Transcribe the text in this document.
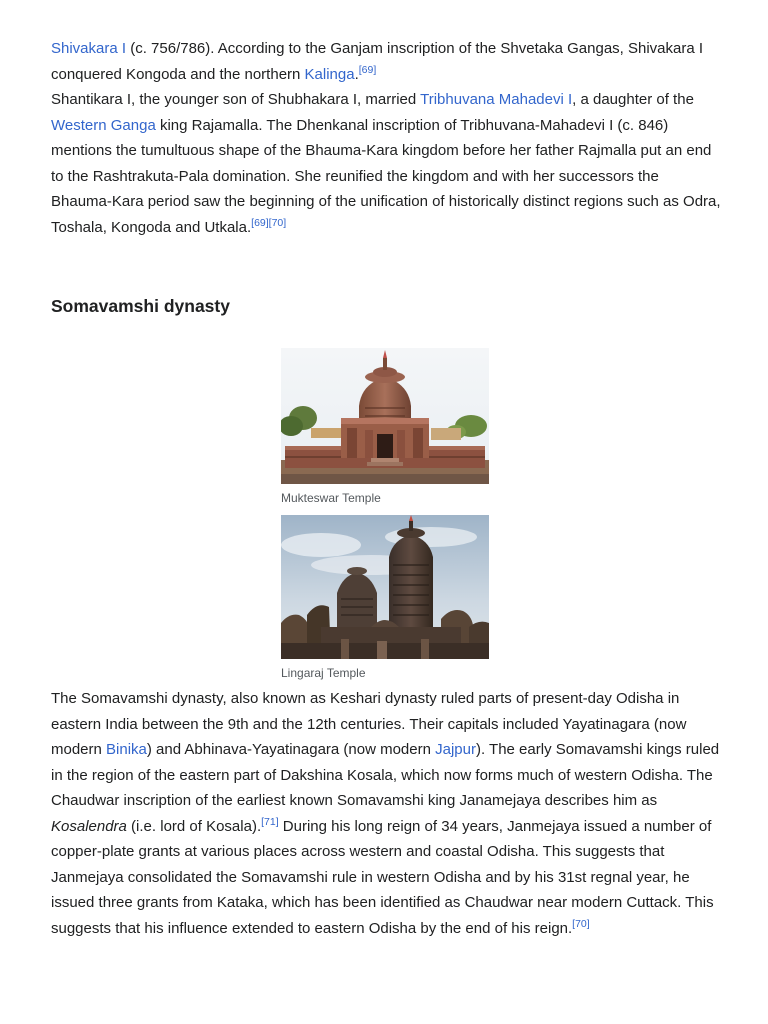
Shivakara I (c. 756/786). According to the Ganjam inscription of the Shvetaka Gangas, Shivakara I conquered Kongoda and the northern Kalinga.[69]

Shantikara I, the younger son of Shubhakara I, married Tribhuvana Mahadevi I, a daughter of the Western Ganga king Rajamalla. The Dhenkanal inscription of Tribhuvana-Mahadevi I (c. 846) mentions the tumultuous shape of the Bhauma-Kara kingdom before her father Rajmalla put an end to the Rashtrakuta-Pala domination. She reunified the kingdom and with her successors the Bhauma-Kara period saw the beginning of the unification of historically distinct regions such as Odra, Toshala, Kongoda and Utkala.[69][70]

Somavamshi dynasty
Mukteswar Temple
Lingaraj Temple

The Somavamshi dynasty, also known as Keshari dynasty ruled parts of present-day Odisha in eastern India between the 9th and the 12th centuries. Their capitals included Yayatinagara (now modern Binika) and Abhinava-Yayatinagara (now modern Jajpur). The early Somavamshi kings ruled in the region of the eastern part of Dakshina Kosala, which now forms much of western Odisha. The Chaudwar inscription of the earliest known Somavamshi king Janamejaya describes him as Kosalendra (i.e. lord of Kosala).[71] During his long reign of 34 years, Janmejaya issued a number of copper-plate grants at various places across western and coastal Odisha. This suggests that Janmejaya consolidated the Somavamshi rule in western Odisha and by his 31st regnal year, he issued three grants from Kataka, which has been identified as Chaudwar near modern Cuttack. This suggests that his influence extended to eastern Odisha by the end of his reign.[70]
